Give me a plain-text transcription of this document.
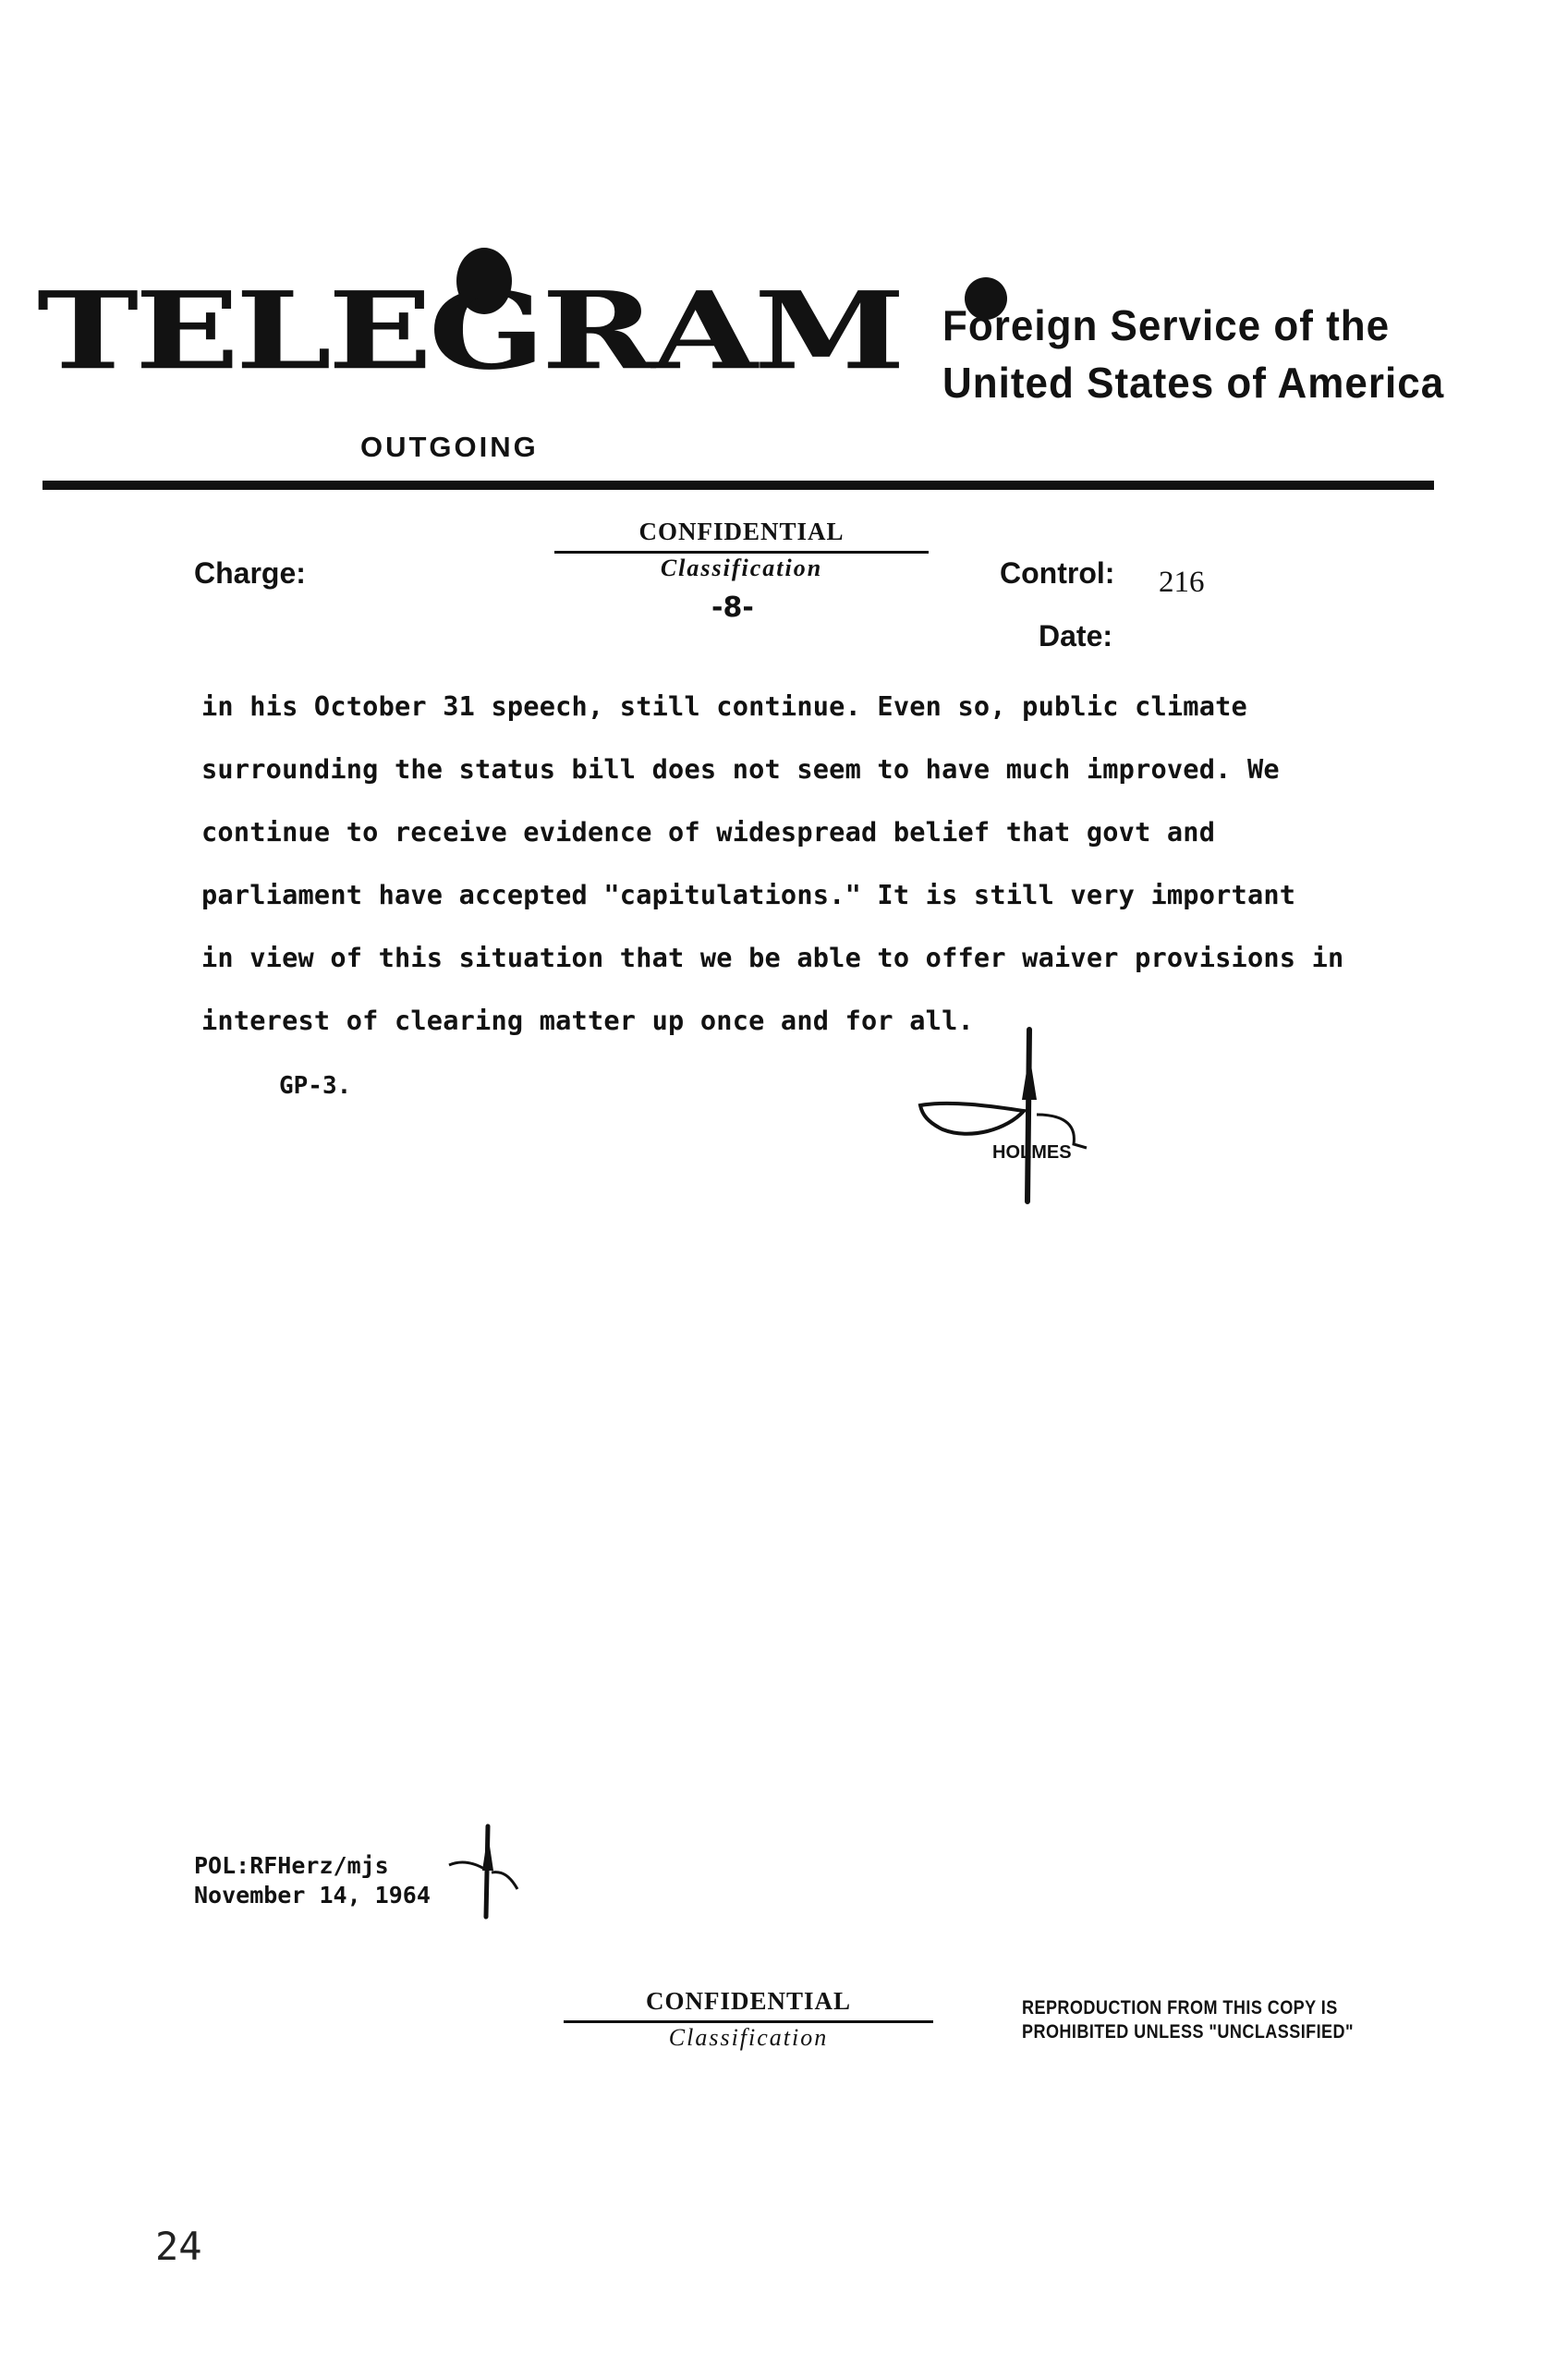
TELEGRAM Foreign Service of the
United States of America
OUTGOING
CONFIDENTIAL
Classification
-8-
Charge:	Control: 216
Date:
in his October 31 speech, still continue. Even so, public climate
surrounding the status bill does not seem to have much improved. We
continue to receive evidence of widespread belief that govt and
parliament have accepted "capitulations." It is still very important
in view of this situation that we be able to offer waiver provisions in
interest of clearing matter up once and for all.
GP-3.
HOLMES
POL:RFHerz/mjs
November 14, 1964
CONFIDENTIAL
Classification
REPRODUCTION FROM THIS COPY IS
PROHIBITED UNLESS "UNCLASSIFIED"
24
